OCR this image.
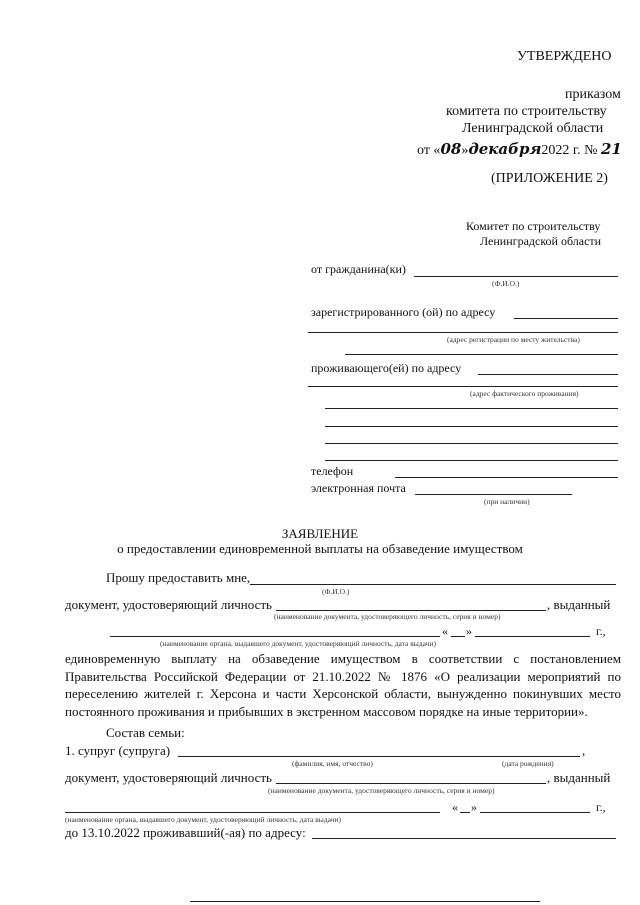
УТВЕРЖДЕНО
приказом
комитета по строительству
Ленинградской области
от «08»декабря2022 г. № 21
(ПРИЛОЖЕНИЕ 2)
Комитет по строительству
Ленинградской области
от гражданина(ки)
(Ф.И.О.)
зарегистрированного (ой) по адресу
(адрес регистрации по месту жительства)
проживающего(ей) по адресу
(адрес фактического проживания)
телефон
электронная почта
(при наличии)
ЗАЯВЛЕНИЕ
о предоставлении единовременной выплаты на обзаведение имуществом
Прошу предоставить мне,
(Ф.И.О.)
документ, удостоверяющий личность	, выданный
(наименование документа, удостоверяющего личность, серия и номер)
« »	г.,
(наименование органа, выдавшего документ, удостоверяющий личность, дата выдачи)
единовременную выплату на обзаведение имуществом в соответствии с постановлением Правительства Российской Федерации от 21.10.2022 № 1876 «О реализации мероприятий по переселению жителей г. Херсона и части Херсонской области, вынужденно покинувших место постоянного проживания и прибывших в экстренном массовом порядке на иные территории».
Состав семьи:
1. супруг (супруга)	,
(фамилия, имя, отчество)	(дата рождения)
документ, удостоверяющий личность	, выданный
(наименование документа, удостоверяющего личность, серия и номер)
« »	г.,
(наименование органа, выдавшего документ, удостоверяющий личность, дата выдачи)
до 13.10.2022 проживавший(-ая) по адресу:
